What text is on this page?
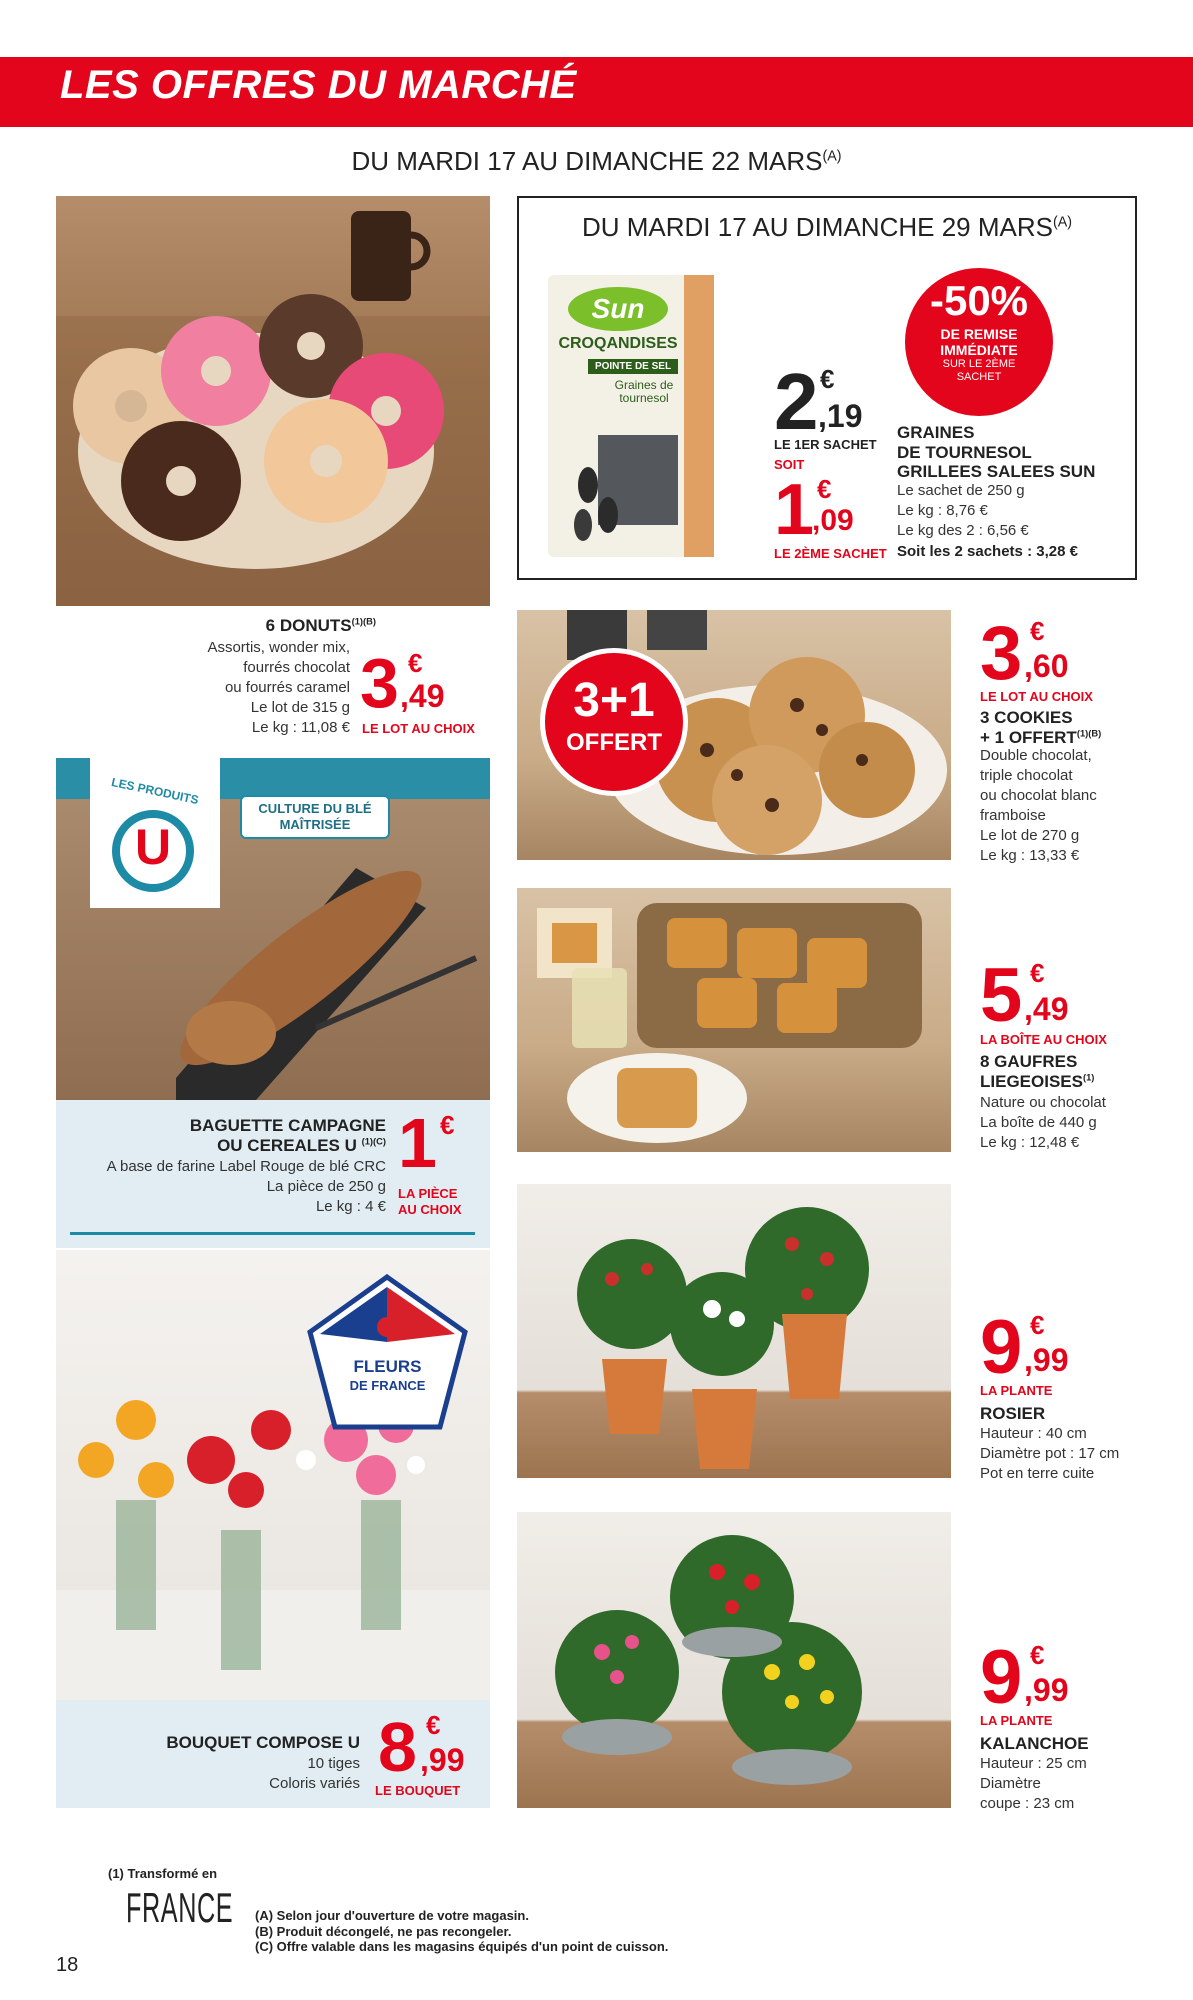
LES OFFRES DU MARCHÉ
DU MARDI 17 AU DIMANCHE 22 $MARS^{(A)}$
6 $DONUTS^{(1)(B)}$
Assortis, wonder mix,
fourrés chocolat
ou fourrés caramel
Le lot de 315 g
Le kg : 11,08 €
3 €
,49
LE LOT AU CHOIX
DU MARDI 17 AU DIMANCHE 29 $MARS^{(A)}$
Sun
CROQANDISES
POINTE DE SEL
Graines de tournesol
-50%
DE REMISE
IMMÉDIATE
SUR LE 2ÈME
SACHET
2 €
,19
LE 1ER SACHET
SOIT
1 €
,09
LE 2ÈME SACHET
GRAINES
DE TOURNESOL
GRILLEES SALEES SUN
Le sachet de 250 g
Le kg : 8,76 €
Le kg des 2 : 6,56 €
Soit les 2 sachets : 3,28 €
3+1
OFFERT
3 €
,60
LE LOT AU CHOIX
3 COOKIES
+ 1 $OFFERT^{(1)(B)}$
Double chocolat,
triple chocolat
ou chocolat blanc
framboise
Le lot de 270 g
Le kg : 13,33 €
LES PRODUITS
U
CULTURE DU BLÉ MAÎTRISÉE
BAGUETTE CAMPAGNE
OU CEREALES U $^{(1)(C)}$
A base de farine Label Rouge de blé CRC
La pièce de 250 g
Le kg : 4 €
1 €
LA PIÈCE
AU CHOIX
5 €
,49
LA BOÎTE AU CHOIX
8 GAUFRES
LIEGEOISES$^{(1)}$
Nature ou chocolat
La boîte de 440 g
Le kg : 12,48 €
9 €
,99
LA PLANTE
ROSIER
Hauteur : 40 cm
Diamètre pot : 17 cm
Pot en terre cuite
FLEURS
DE FRANCE
BOUQUET COMPOSE U
10 tiges
Coloris variés 8 €
,99
LE BOUQUET
9 €
,99
LA PLANTE
KALANCHOE
Hauteur : 25 cm
Diamètre
coupe : 23 cm
(1) Transformé en
FRANCE
18
(A) Selon jour d'ouverture de votre magasin.
(B) Produit décongelé, ne pas recongeler.
(C) Offre valable dans les magasins équipés d'un point de cuisson.
